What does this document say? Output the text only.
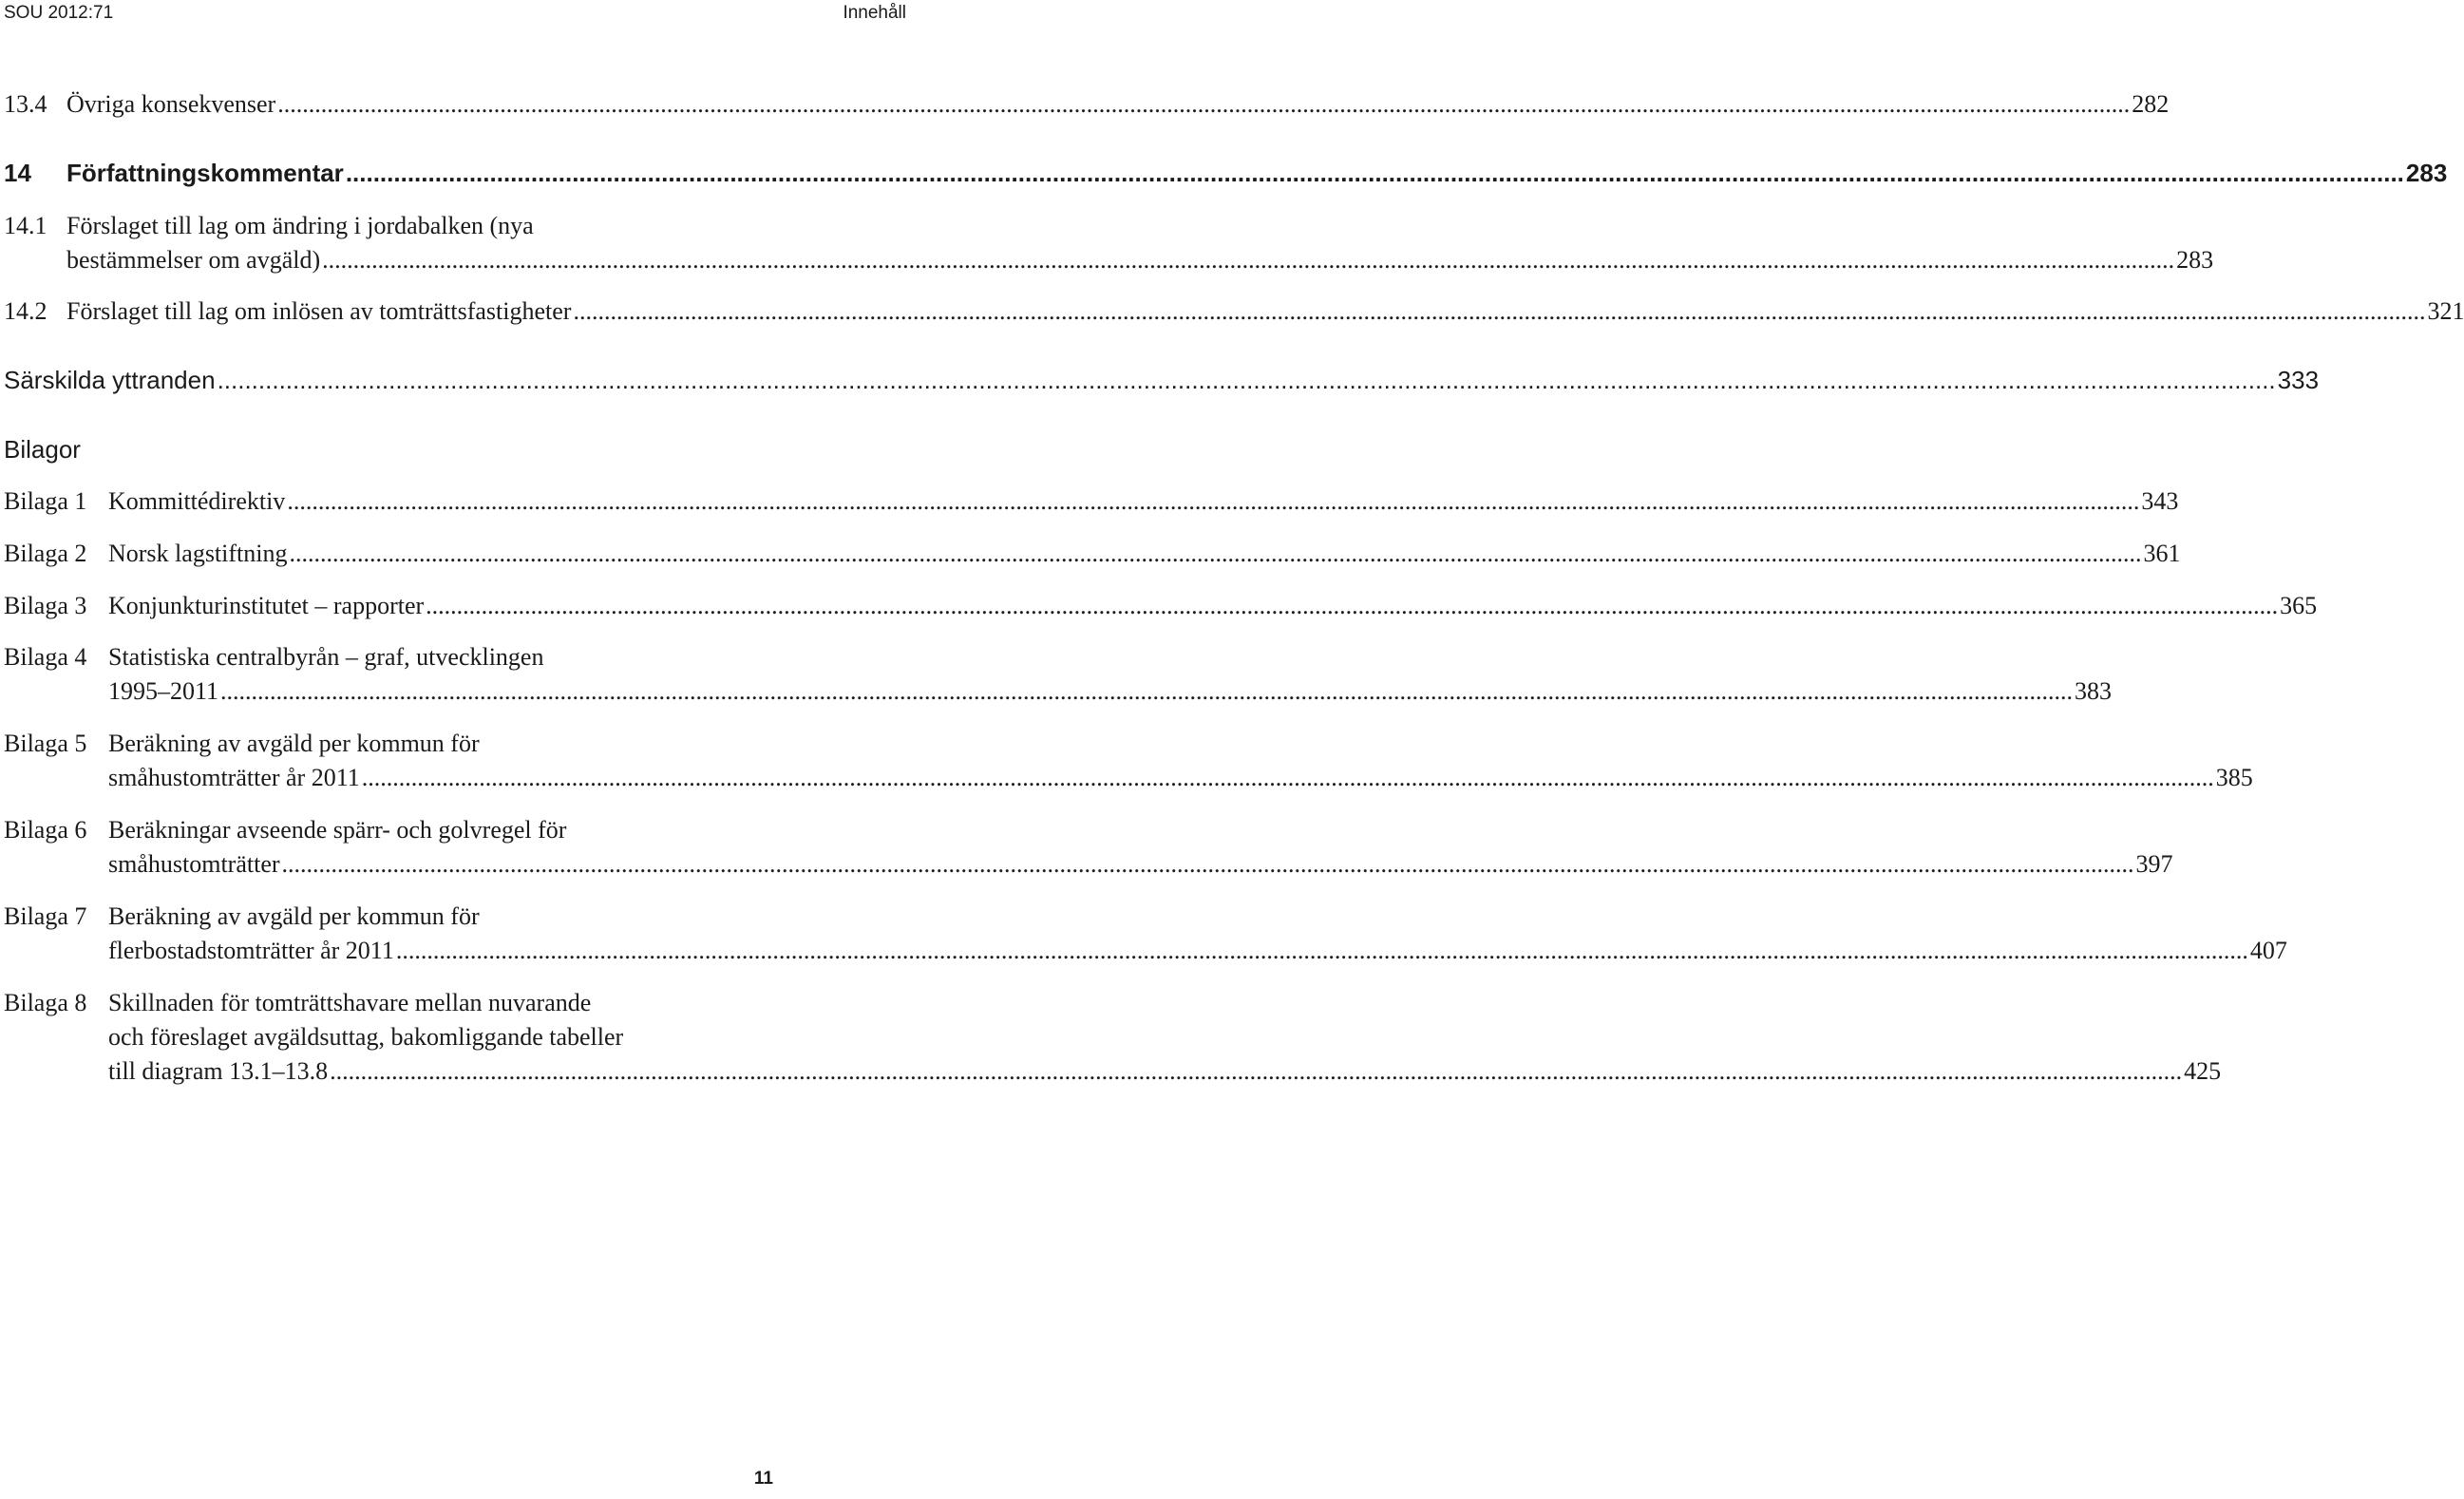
SOU 2012:71	Innehåll
13.4 Övriga konsekvenser ............................................................................................................................................................................................................................................................................................................ 282
14 Författningskommentar ............................................................................................................................................................................................................................................................................................................ 283
14.1 Förslaget till lag om ändring i jordabalken (nya
bestämmelser om avgäld) ............................................................................................................................................................................................................................................................................................................ 283
14.2 Förslaget till lag om inlösen av tomträttsfastigheter ............................................................................................................................................................................................................................................................................................................ 321
Särskilda yttranden ............................................................................................................................................................................................................................................................................................................ 333
Bilagor
Bilaga 1 Kommittédirektiv ............................................................................................................................................................................................................................................................................................................ 343
Bilaga 2 Norsk lagstiftning ............................................................................................................................................................................................................................................................................................................ 361
Bilaga 3 Konjunkturinstitutet – rapporter ............................................................................................................................................................................................................................................................................................................ 365
Bilaga 4 Statistiska centralbyrån – graf, utvecklingen
1995–2011 ............................................................................................................................................................................................................................................................................................................ 383
Bilaga 5 Beräkning av avgäld per kommun för
småhustomträtter år 2011 ............................................................................................................................................................................................................................................................................................................ 385
Bilaga 6 Beräkningar avseende spärr- och golvregel för
småhustomträtter ............................................................................................................................................................................................................................................................................................................ 397
Bilaga 7 Beräkning av avgäld per kommun för
flerbostadstomträtter år 2011 ............................................................................................................................................................................................................................................................................................................ 407
Bilaga 8 Skillnaden för tomträttshavare mellan nuvarande
och föreslaget avgäldsuttag, bakomliggande tabeller
till diagram 13.1–13.8 ............................................................................................................................................................................................................................................................................................................ 425
11
